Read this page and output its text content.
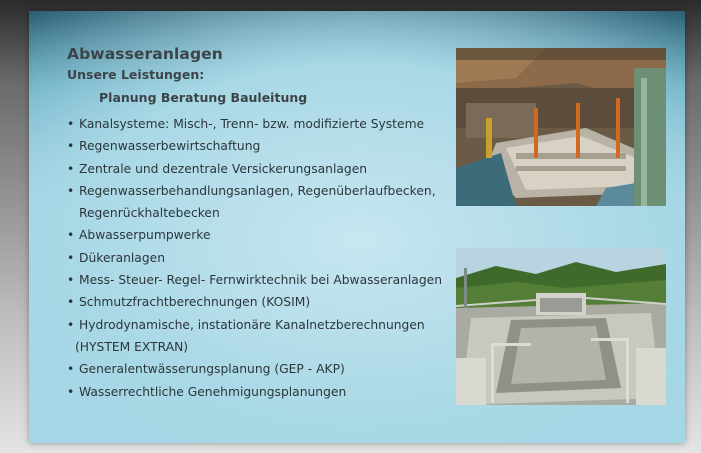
Abwasseranlagen
Unsere Leistungen:
Planung Beratung Bauleitung
• Kanalsysteme: Misch-, Trenn- bzw. modifizierte Systeme
• Regenwasserbewirtschaftung
• Zentrale und dezentrale Versickerungsanlagen
• Regenwasserbehandlungsanlagen, Regenüberlaufbecken,
Regenrückhaltebecken
• Abwasserpumpwerke
• Dükeranlagen
• Mess- Steuer- Regel- Fernwirktechnik bei Abwasseranlagen
• Schmutzfrachtberechnungen (KOSIM)
• Hydrodynamische, instationäre Kanalnetzberechnungen
(HYSTEM EXTRAN)
• Generalentwässerungsplanung (GEP - AKP)
• Wasserrechtliche Genehmigungsplanungen
